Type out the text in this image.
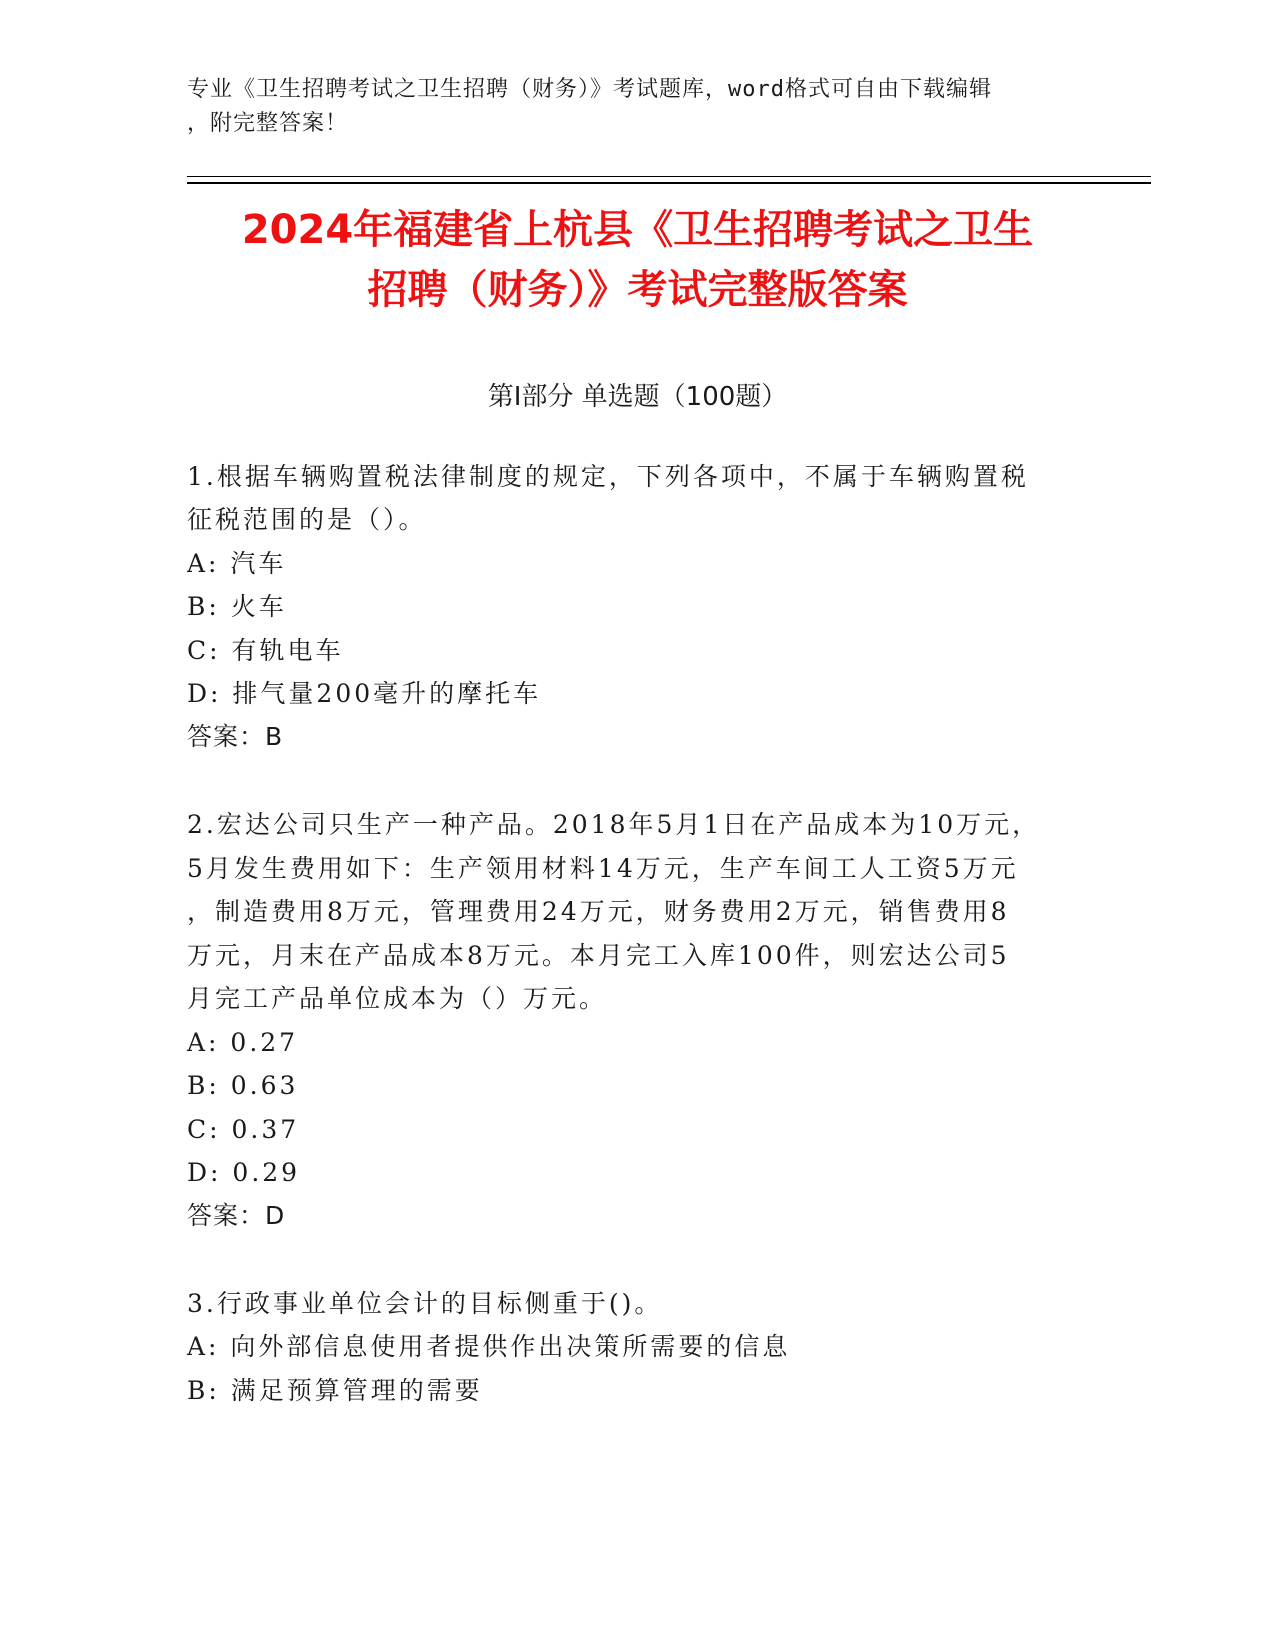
专业《卫生招聘考试之卫生招聘（财务）》考试题库，word格式可自由下载编辑
，附完整答案！
2024年福建省上杭县《卫生招聘考试之卫生
招聘（财务）》考试完整版答案
第Ⅰ部分 单选题（100题）
1.根据车辆购置税法律制度的规定，下列各项中，不属于车辆购置税
征税范围的是（）。
A: 汽车
B: 火车
C: 有轨电车
D: 排气量200毫升的摩托车
答案：B
2.宏达公司只生产一种产品。2018年5月1日在产品成本为10万元，
5月发生费用如下：生产领用材料14万元，生产车间工人工资5万元
，制造费用8万元，管理费用24万元，财务费用2万元，销售费用8
万元，月末在产品成本8万元。本月完工入库100件，则宏达公司5
月完工产品单位成本为（）万元。
A: 0.27
B: 0.63
C: 0.37
D: 0.29
答案：D
3.行政事业单位会计的目标侧重于()。
A: 向外部信息使用者提供作出决策所需要的信息
B: 满足预算管理的需要
